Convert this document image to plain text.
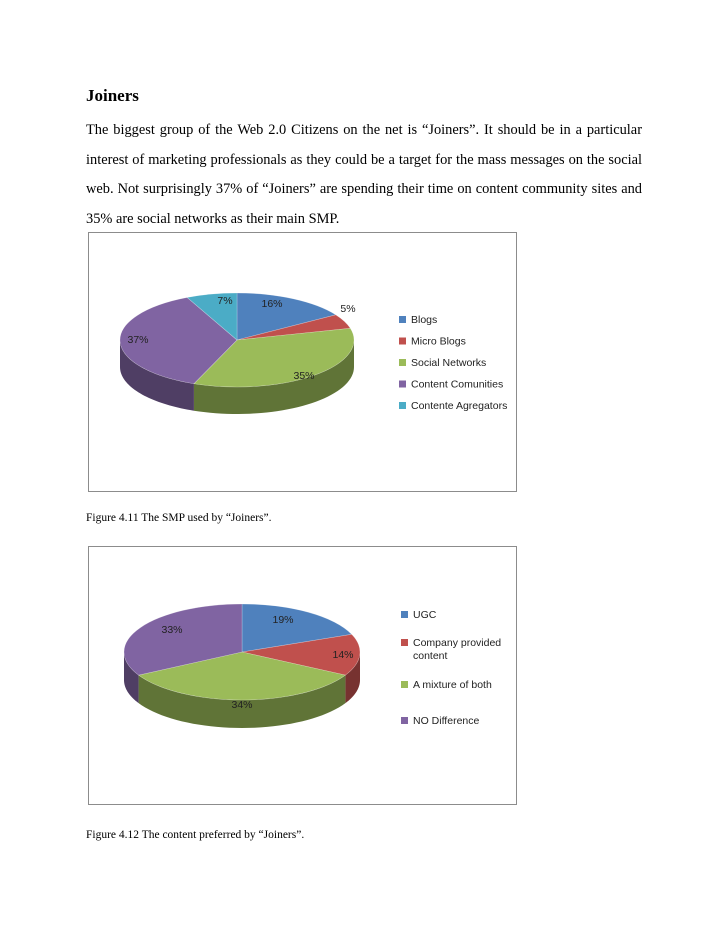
Joiners
The biggest group of the Web 2.0 Citizens on the net is “Joiners”. It should be in a particular interest of marketing professionals as they could be a target for the mass messages on the social web. Not surprisingly 37% of “Joiners” are spending their time on content community sites and 35% are social networks as their main SMP.
16%	5%
35%
37%
7%
Blogs
Micro Blogs
Social Networks
Content Comunities
Contente Agregators
Figure 4.11 The SMP used by “Joiners”.
19%
14%
34%
33%
UGC
Company provided
content
A mixture of both
NO Difference
Figure 4.12 The content preferred by “Joiners”.
